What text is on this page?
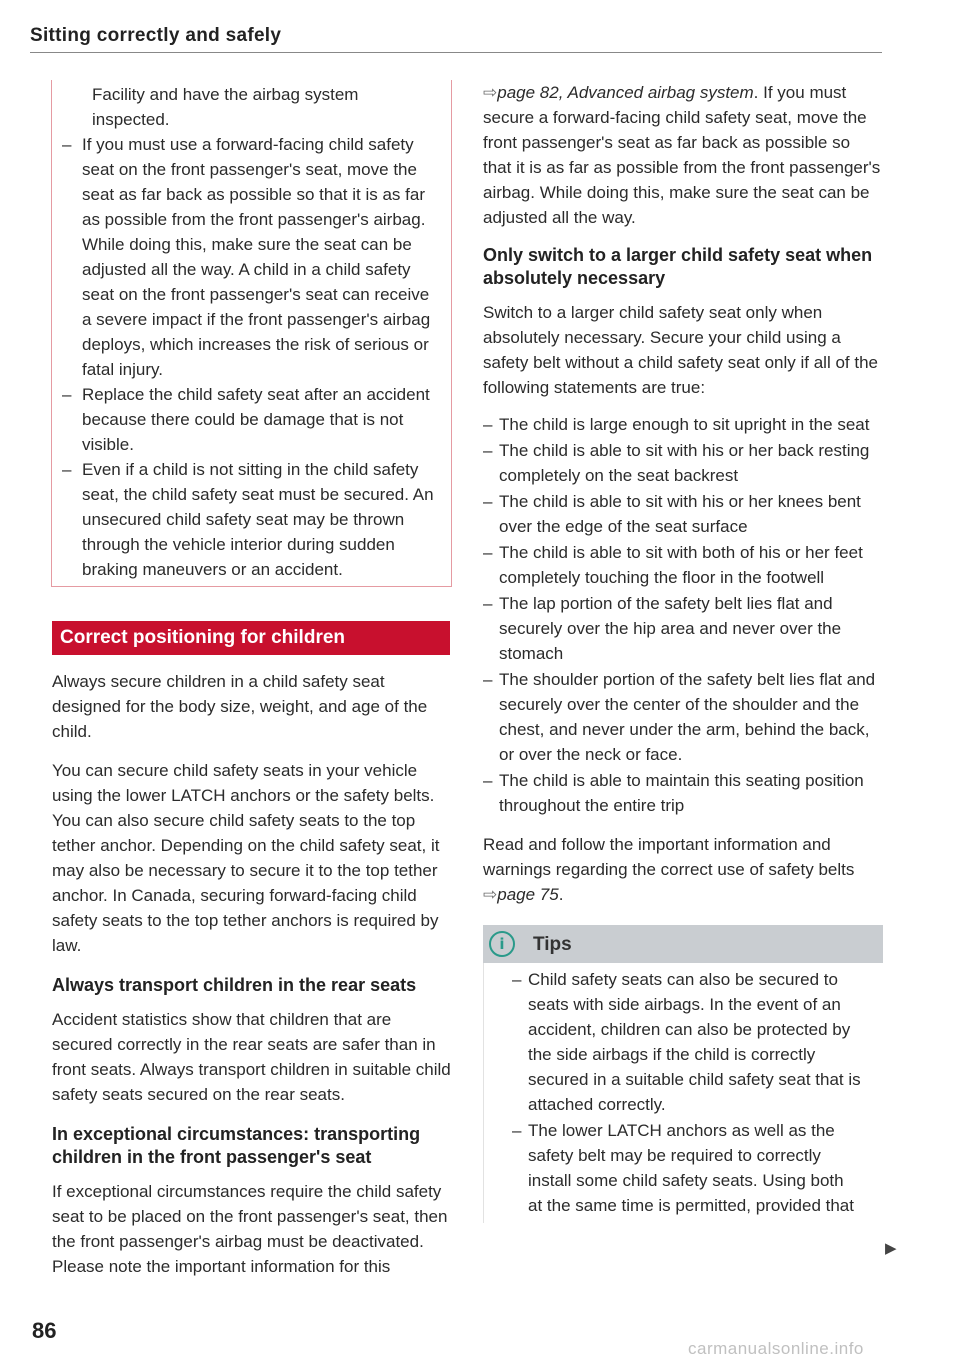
Sitting correctly and safely

Facility and have the airbag system inspected.

– If you must use a forward-facing child safety seat on the front passenger's seat, move the seat as far back as possible so that it is as far as possible from the front passenger's airbag. While doing this, make sure the seat can be adjusted all the way. A child in a child safety seat on the front passenger's seat can receive a severe impact if the front passenger's airbag deploys, which increases the risk of serious or fatal injury.
– Replace the child safety seat after an accident because there could be damage that is not visible.
– Even if a child is not sitting in the child safety seat, the child safety seat must be secured. An unsecured child safety seat may be thrown through the vehicle interior during sudden braking maneuvers or an accident.
Correct positioning for children

Always secure children in a child safety seat designed for the body size, weight, and age of the child.

You can secure child safety seats in your vehicle using the lower LATCH anchors or the safety belts. You can also secure child safety seats to the top tether anchor. Depending on the child safety seat, it may also be necessary to secure it to the top tether anchor. In Canada, securing forward-facing child safety seats to the top tether anchors is required by law.

Always transport children in the rear seats

Accident statistics show that children that are secured correctly in the rear seats are safer than in front seats. Always transport children in suitable child safety seats secured on the rear seats.

In exceptional circumstances: transporting children in the front passenger's seat

If exceptional circumstances require the child safety seat to be placed on the front passenger's seat, then the front passenger's airbag must be deactivated. Please note the important information for this

⇨page 82, Advanced airbag system. If you must secure a forward-facing child safety seat, move the front passenger's seat as far back as possible so that it is as far as possible from the front passenger's airbag. While doing this, make sure the seat can be adjusted all the way.

Only switch to a larger child safety seat when absolutely necessary

Switch to a larger child safety seat only when absolutely necessary. Secure your child using a safety belt without a child safety seat only if all of the following statements are true:

– The child is large enough to sit upright in the seat
– The child is able to sit with his or her back resting completely on the seat backrest
– The child is able to sit with his or her knees bent over the edge of the seat surface
– The child is able to sit with both of his or her feet completely touching the floor in the footwell
– The lap portion of the safety belt lies flat and securely over the hip area and never over the stomach
– The shoulder portion of the safety belt lies flat and securely over the center of the shoulder and the chest, and never under the arm, behind the back, or over the neck or face.
– The child is able to maintain this seating position throughout the entire trip

Read and follow the important information and warnings regarding the correct use of safety belts ⇨page 75.

i	Tips
– Child safety seats can also be secured to seats with side airbags. In the event of an accident, children can also be protected by the side airbags if the child is correctly secured in a suitable child safety seat that is attached correctly.
– The lower LATCH anchors as well as the safety belt may be required to correctly install some child safety seats. Using both at the same time is permitted, provided that
▶
86
carmanualsonline.info
